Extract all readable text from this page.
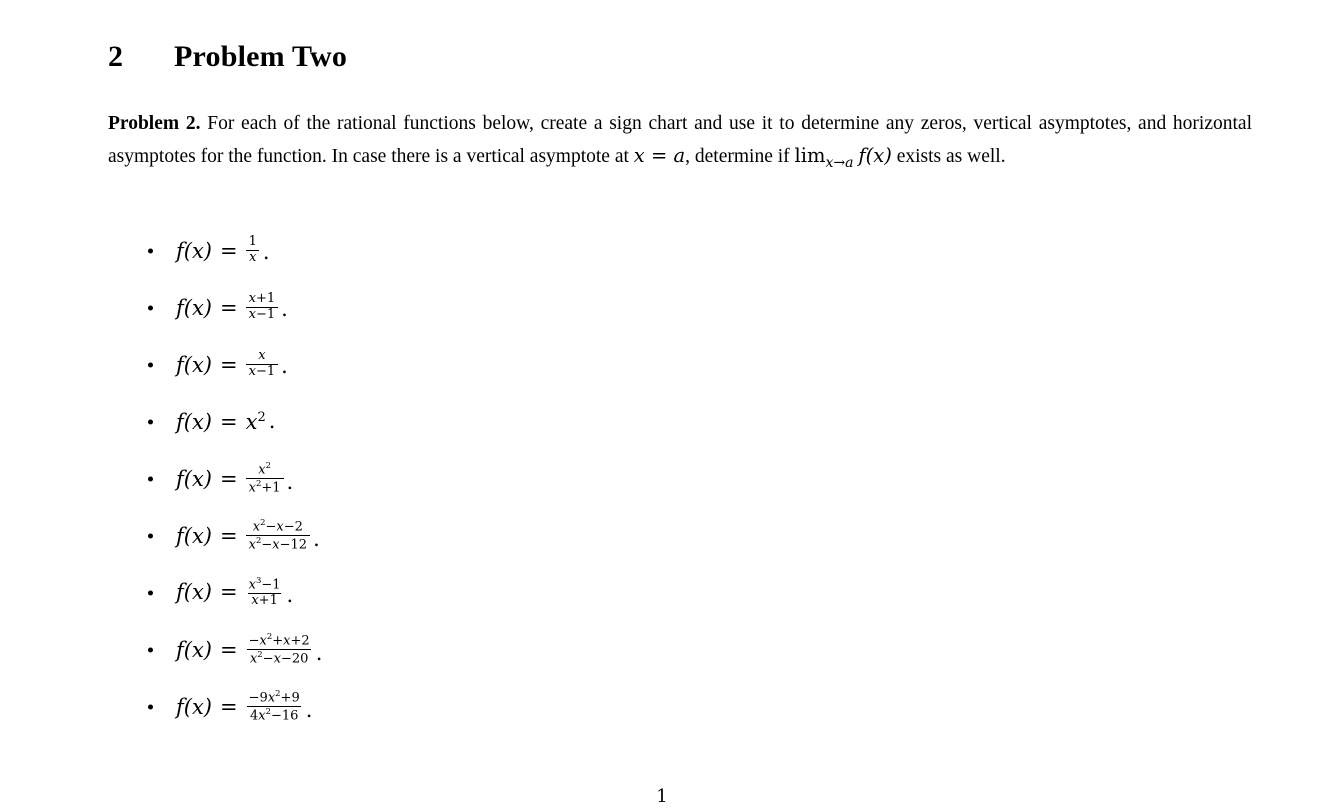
2 Problem Two
Problem 2. For each of the rational functions below, create a sign chart and use it to determine any zeros, vertical asymptotes, and horizontal asymptotes for the function. In case there is a vertical asymptote at x = a, determine if $\lim_{x\to a} f(x)$ exists as well.
$f(x) = \frac{1}{x}$ .
$f(x) = \frac{x+1}{x-1}$ .
$f(x) = \frac{x}{x-1}$ .
$f(x) = x^2$ .
$f(x) = \frac{x^2}{x^2+1}$ .
$f(x) = \frac{x^2-x-2}{x^2-x-12}$ .
$f(x) = \frac{x^3-1}{x+1}$ .
$f(x) = \frac{-x^2+x+2}{x^2-x-20}$ .
$f(x) = \frac{-9x^2+9}{4x^2-16}$ .
1
